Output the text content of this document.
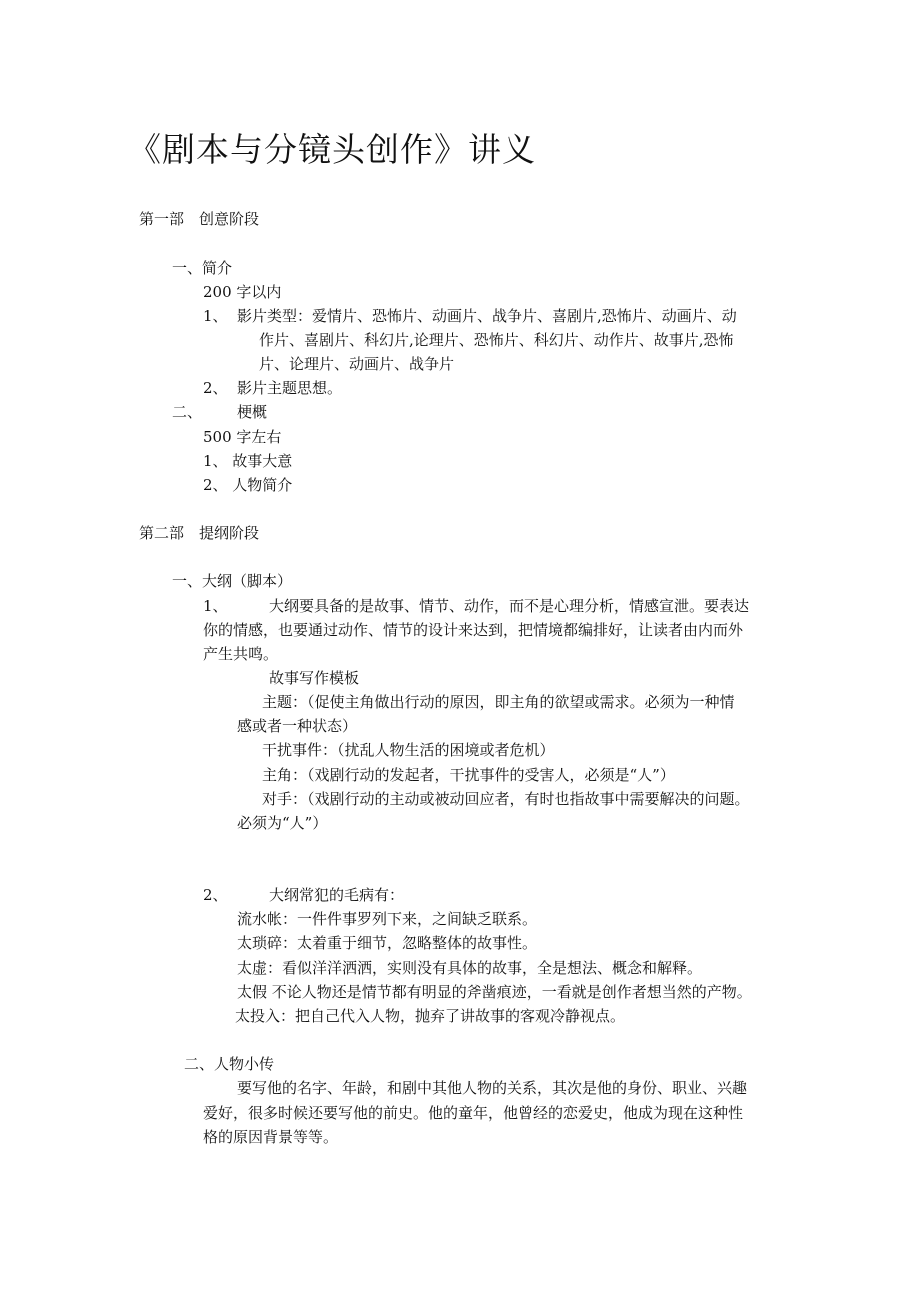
《剧本与分镜头创作》讲义

第一部　创意阶段

一、简介

200 字以内

1、 影片类型：爱情片、恐怖片、动画片、战争片、喜剧片,恐怖片、动画片、动

作片、喜剧片、科幻片,论理片、恐怖片、科幻片、动作片、故事片,恐怖

片、论理片、动画片、战争片

2、 影片主题思想。

二、 梗概

500 字左右

1、 故事大意

2、 人物简介

第二部　提纲阶段

一、大纲（脚本）

1、	大纲要具备的是故事、情节、动作，而不是心理分析，情感宣泄。要表达

你的情感，也要通过动作、情节的设计来达到，把情境都编排好，让读者由内而外

产生共鸣。

故事写作模板

主题：（促使主角做出行动的原因，即主角的欲望或需求。必须为一种情

感或者一种状态）

干扰事件：（扰乱人物生活的困境或者危机）

主角：（戏剧行动的发起者，干扰事件的受害人，必须是“人”）

对手：（戏剧行动的主动或被动回应者，有时也指故事中需要解决的问题。

必须为“人”）

2、	大纲常犯的毛病有：

流水帐：一件件事罗列下来，之间缺乏联系。

太琐碎：太着重于细节，忽略整体的故事性。

太虚：看似洋洋洒洒，实则没有具体的故事，全是想法、概念和解释。

太假 不论人物还是情节都有明显的斧凿痕迹，一看就是创作者想当然的产物。

太投入：把自己代入人物，抛弃了讲故事的客观冷静视点。

二、人物小传

要写他的名字、年龄，和剧中其他人物的关系，其次是他的身份、职业、兴趣

爱好，很多时候还要写他的前史。他的童年，他曾经的恋爱史，他成为现在这种性

格的原因背景等等。
